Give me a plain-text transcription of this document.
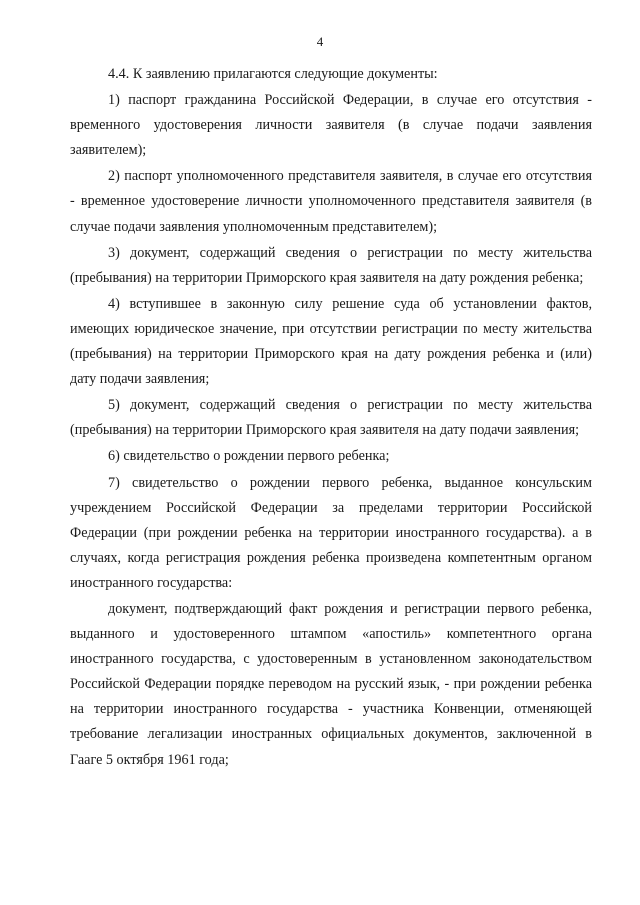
4

4.4. К заявлению прилагаются следующие документы:

1) паспорт гражданина Российской Федерации, в случае его отсутствия - временного удостоверения личности заявителя (в случае подачи заявления заявителем);

2) паспорт уполномоченного представителя заявителя, в случае его отсутствия - временное удостоверение личности уполномоченного представителя заявителя (в случае подачи заявления уполномоченным представителем);

3) документ, содержащий сведения о регистрации по месту жительства (пребывания) на территории Приморского края заявителя на дату рождения ребенка;

4) вступившее в законную силу решение суда об установлении фактов, имеющих юридическое значение, при отсутствии регистрации по месту жительства (пребывания) на территории Приморского края на дату рождения ребенка и (или) дату подачи заявления;

5) документ, содержащий сведения о регистрации по месту жительства (пребывания) на территории Приморского края заявителя на дату подачи заявления;

6) свидетельство о рождении первого ребенка;

7) свидетельство о рождении первого ребенка, выданное консульским учреждением Российской Федерации за пределами территории Российской Федерации (при рождении ребенка на территории иностранного государства). а в случаях, когда регистрация рождения ребенка произведена компетентным органом иностранного государства:

документ, подтверждающий факт рождения и регистрации первого ребенка, выданного и удостоверенного штампом «апостиль» компетентного органа иностранного государства, с удостоверенным в установленном законодательством Российской Федерации порядке переводом на русский язык, - при рождении ребенка на территории иностранного государства - участника Конвенции, отменяющей требование легализации иностранных официальных документов, заключенной в Гааге 5 октября 1961 года;
